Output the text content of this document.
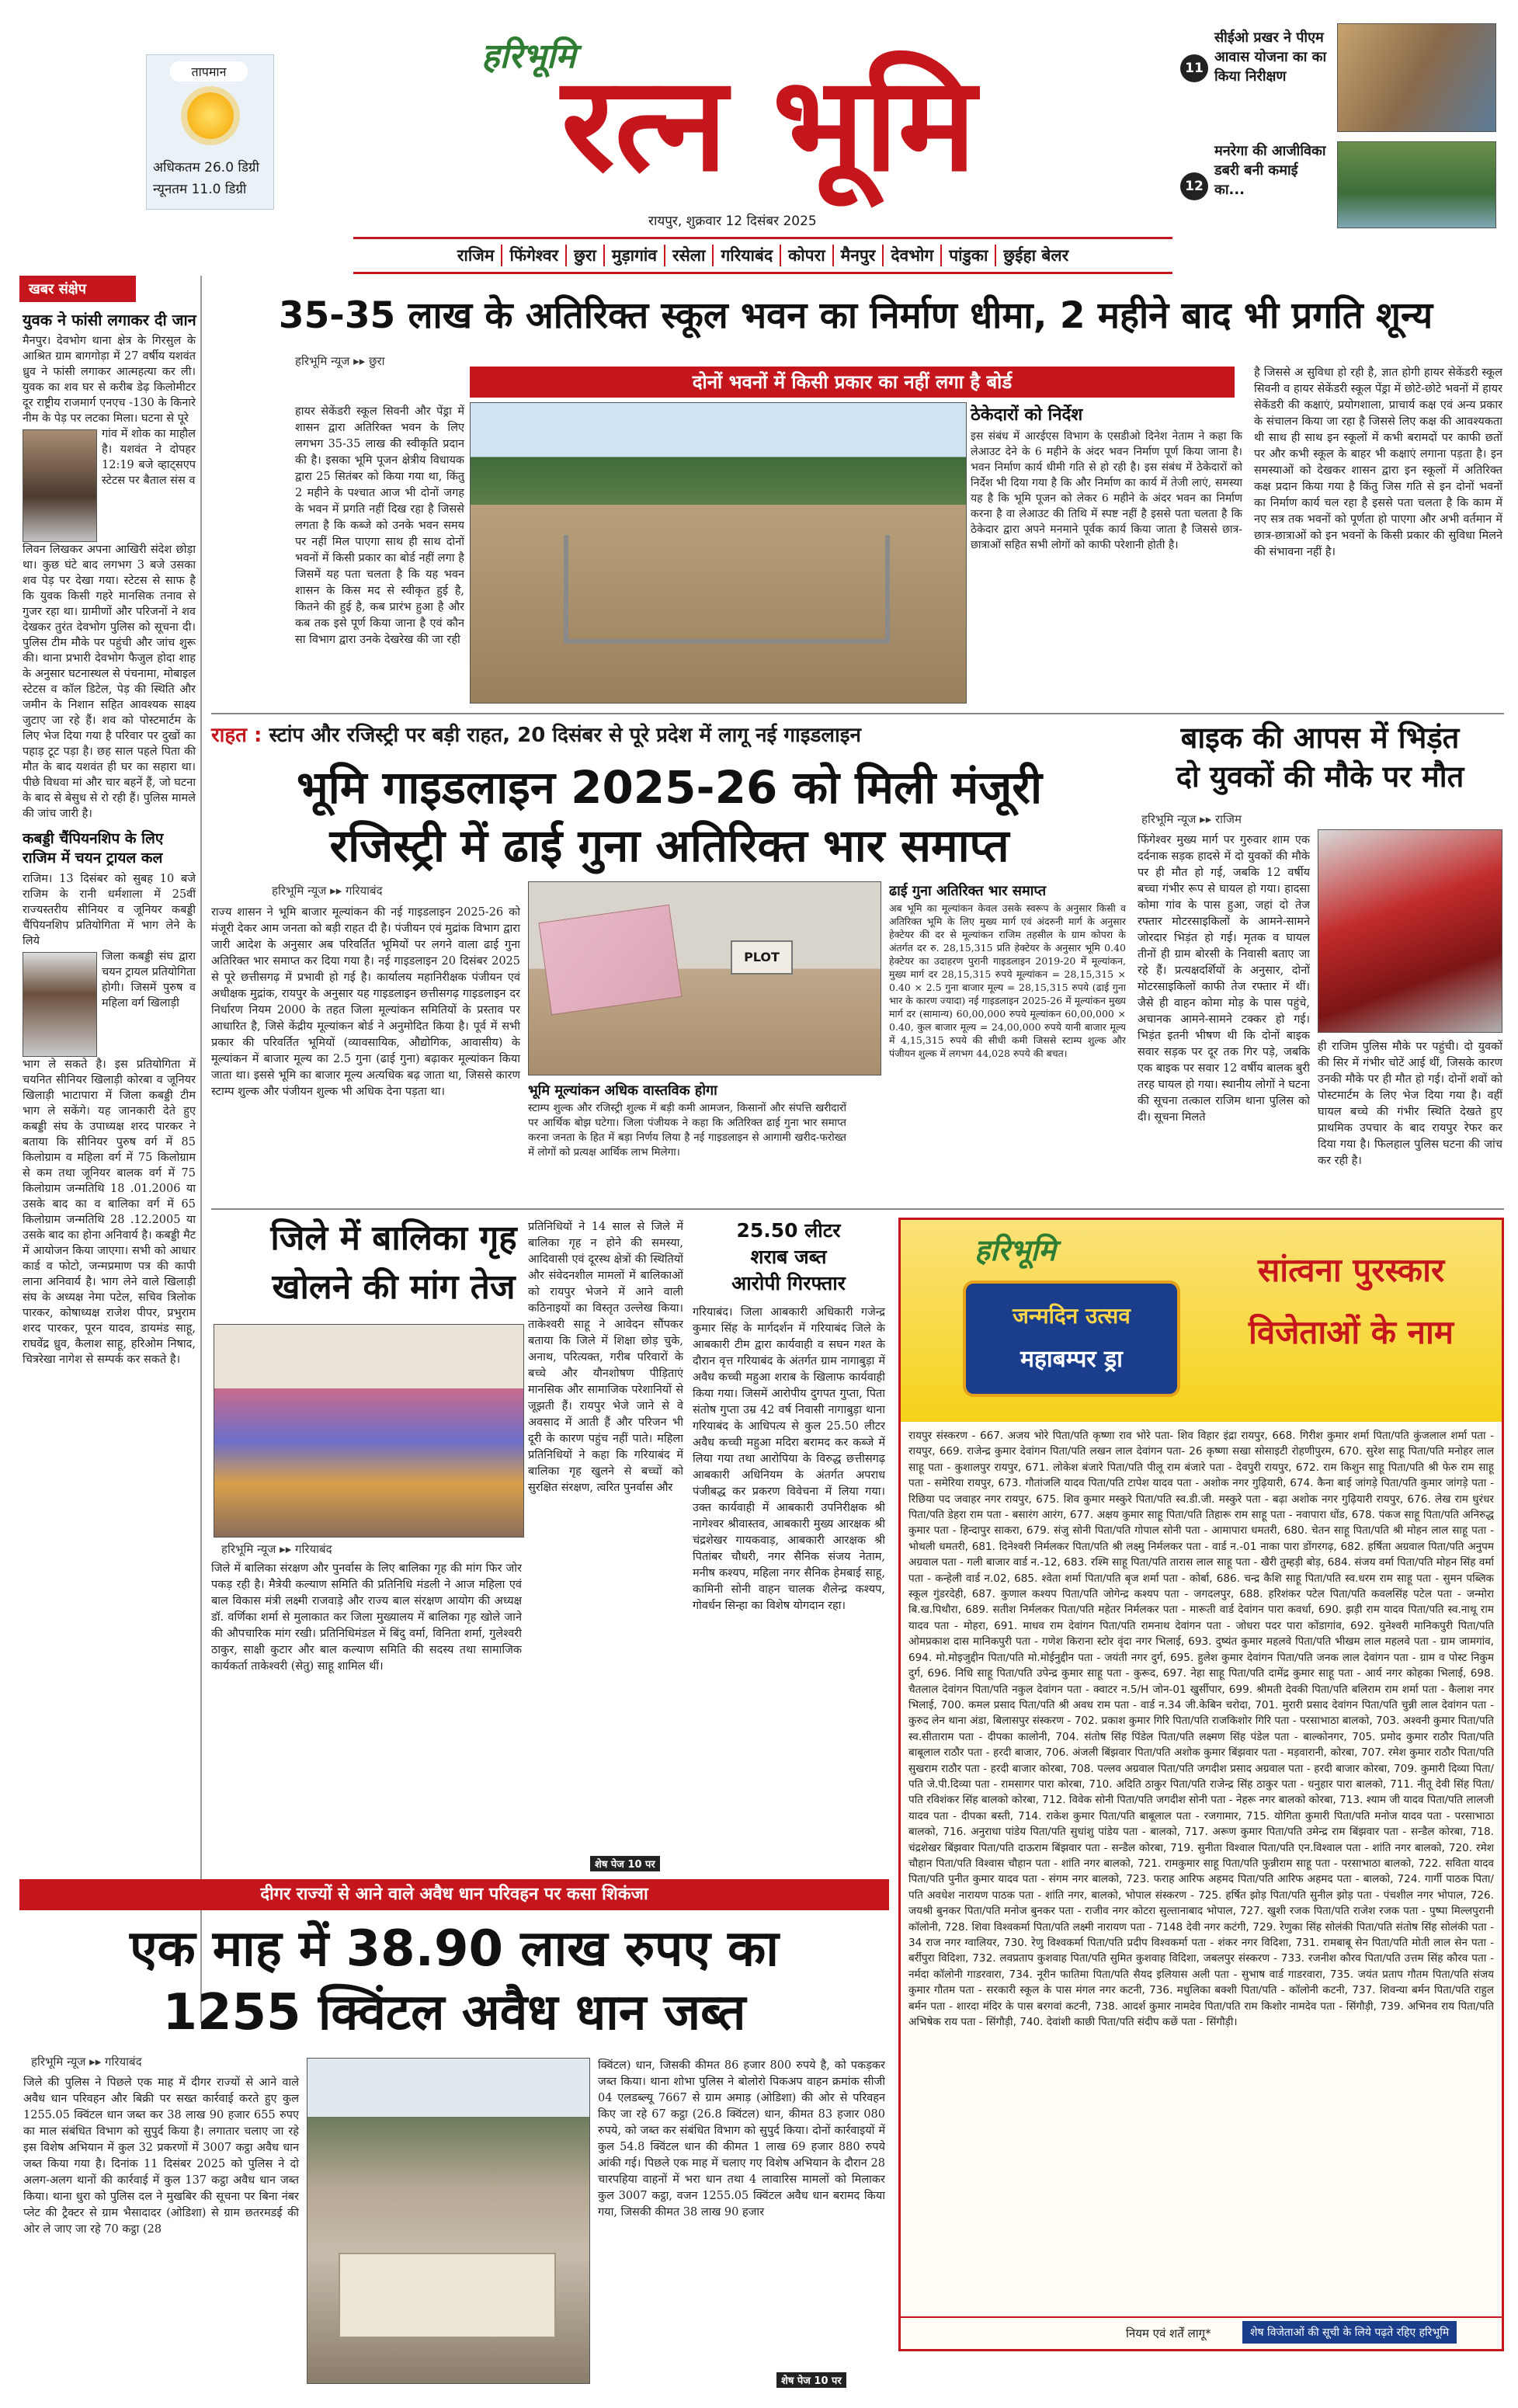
तापमान
अधिकतम 26.0 डिग्री
न्यूनतम 11.0 डिग्री
हरिभूमि
रत्न भूमि
रायपुर, शुक्रवार 12 दिसंबर 2025
11
सीईओ प्रखर ने पीएम आवास योजना का का किया निरीक्षण
12
मनरेगा की आजीविका डबरी बनी कमाई का...
राजिम फिंगेश्वर छुरा मुड़ागांव रसेला गरियाबंद कोपरा मैनपुर देवभोग पांडुका छुईहा बेलर
खबर संक्षेप
युवक ने फांसी लगाकर दी जान
मैनपुर। देवभोग थाना क्षेत्र के गिरसुल के आश्रित ग्राम बागगोड़ा में 27 वर्षीय यशवंत ध्रुव ने फांसी लगाकर आत्महत्या कर ली। युवक का शव घर से करीब डेढ़ किलोमीटर दूर राष्ट्रीय राजमार्ग एनएच -130 के किनारे नीम के पेड़ पर लटका मिला। घटना से पूरे
गांव में शोक का माहौल है। यशवंत ने दोपहर 12:19 बजे व्हाट्सएप स्टेटस पर बैताल संस व
लिवन लिखकर अपना आखिरी संदेश छोड़ा था। कुछ घंटे बाद लगभग 3 बजे उसका शव पेड़ पर देखा गया। स्टेटस से साफ है कि युवक किसी गहरे मानसिक तनाव से गुजर रहा था। ग्रामीणों और परिजनों ने शव देखकर तुरंत देवभोग पुलिस को सूचना दी। पुलिस टीम मौके पर पहुंची और जांच शुरू की। थाना प्रभारी देवभोग फैजुल होदा शाह के अनुसार घटनास्थल से पंचनामा, मोबाइल स्टेटस व कॉल डिटेल, पेड़ की स्थिति और जमीन के निशान सहित आवश्यक साक्ष्य जुटाए जा रहे हैं। शव को पोस्टमार्टम के लिए भेज दिया गया है परिवार पर दुखों का पहाड़ टूट पड़ा है। छह साल पहले पिता की मौत के बाद यशवंत ही घर का सहारा था। पीछे विधवा मां और चार बहनें हैं, जो घटना के बाद से बेसुध से रो रही हैं। पुलिस मामले की जांच जारी है।
कबड्डी चैंपियनशिप के लिए राजिम में चयन ट्रायल कल
राजिम। 13 दिसंबर को सुबह 10 बजे राजिम के रानी धर्मशाला में 25वीं राज्यस्तरीय सीनियर व जूनियर कबड्डी चैंपियनशिप प्रतियोगिता में भाग लेने के लिये
जिला कबड्डी संघ द्वारा चयन ट्रायल प्रतियोगिता होगी। जिसमें पुरुष व महिला वर्ग खिलाड़ी
भाग ले सकते है। इस प्रतियोगिता में चयनित सीनियर खिलाड़ी कोरबा व जूनियर खिलाड़ी भाटापारा में जिला कबड्डी टीम भाग ले सकेंगे। यह जानकारी देते हुए कबड्डी संघ के उपाध्यक्ष शरद पारकर ने बताया कि सीनियर पुरुष वर्ग में 85 किलोग्राम व महिला वर्ग में 75 किलोग्राम से कम तथा जूनियर बालक वर्ग में 75 किलोग्राम जन्मतिथि 18 .01.2006 या उसके बाद का व बालिका वर्ग में 65 किलोग्राम जन्मतिथि 28 .12.2005 या उसके बाद का होना अनिवार्य है। कबड्डी मैट में आयोजन किया जाएगा। सभी को आधार कार्ड व फोटो, जन्मप्रमाण पत्र की कापी लाना अनिवार्य है। भाग लेने वाले खिलाड़ी संघ के अध्यक्ष नेमा पटेल, सचिव त्रिलोक पारकर, कोषाध्यक्ष राजेश पीपर, प्रभुराम शरद पारकर, पूरन यादव, डायमंड साहू, राघवेंद्र ध्रुव, कैलाश साहू, हरिओम निषाद, चित्ररेखा नागेश से सम्पर्क कर सकते है।
35-35 लाख के अतिरिक्त स्कूल भवन का निर्माण धीमा, 2 महीने बाद भी प्रगति शून्य
हरिभूमि न्यूज ▸▸ छुरा
दोनों भवनों में किसी प्रकार का नहीं लगा है बोर्ड
हायर सेकेंडरी स्कूल सिवनी और पेंड्रा में शासन द्वारा अतिरिक्त भवन के लिए लगभग 35-35 लाख की स्वीकृति प्रदान की है। इसका भूमि पूजन क्षेत्रीय विधायक द्वारा 25 सितंबर को किया गया था, किंतु 2 महीने के पश्चात आज भी दोनों जगह के भवन में प्रगति नहीं दिख रहा है जिससे लगता है कि कब्जे को उनके भवन समय पर नहीं मिल पाएगा साथ ही साथ दोनों भवनों में किसी प्रकार का बोर्ड नहीं लगा है जिसमें यह पता चलता है कि यह भवन शासन के किस मद से स्वीकृत हुई है, कितने की हुई है, कब प्रारंभ हुआ है और कब तक इसे पूर्ण किया जाना है एवं कौन सा विभाग द्वारा उनके देखरेख की जा रही
ठेकेदारों को निर्देश
इस संबंध में आरईएस विभाग के एसडीओ दिनेश नेताम ने कहा कि लेआउट देने के 6 महीने के अंदर भवन निर्माण पूर्ण किया जाना है। भवन निर्माण कार्य धीमी गति से हो रही है। इस संबंध में ठेकेदारों को निर्देश भी दिया गया है कि और निर्माण का कार्य में तेजी लाएं, समस्या यह है कि भूमि पूजन को लेकर 6 महीने के अंदर भवन का निर्माण करना है वा लेआउट की तिथि में स्पष्ट नहीं है इससे पता चलता है कि ठेकेदार द्वारा अपने मनमाने पूर्वक कार्य किया जाता है जिससे छात्र-छात्राओं सहित सभी लोगों को काफी परेशानी होती है।
है जिससे अ सुविधा हो रही है, ज्ञात होगी हायर सेकेंडरी स्कूल सिवनी व हायर सेकेंडरी स्कूल पेंड्रा में छोटे-छोटे भवनों में हायर सेकेंडरी की कक्षाएं, प्रयोगशाला, प्राचार्य कक्ष एवं अन्य प्रकार के संचालन किया जा रहा है जिससे लिए कक्ष की आवश्यकता थी साथ ही साथ इन स्कूलों में कभी बरामदों पर काफी छतों पर और कभी स्कूल के बाहर भी कक्षाएं लगाना पड़ता है। इन समस्याओं को देखकर शासन द्वारा इन स्कूलों में अतिरिक्त कक्ष प्रदान किया गया है किंतु जिस गति से इन दोनों भवनों का निर्माण कार्य चल रहा है इससे पता चलता है कि काम में नए सत्र तक भवनों को पूर्णता हो पाएगा और अभी वर्तमान में छात्र-छात्राओं को इन भवनों के किसी प्रकार की सुविधा मिलने की संभावना नहीं है।
राहत : स्टांप और रजिस्ट्री पर बड़ी राहत, 20 दिसंबर से पूरे प्रदेश में लागू नई गाइडलाइन
भूमि गाइडलाइन 2025-26 को मिली मंजूरी
रजिस्ट्री में ढाई गुना अतिरिक्त भार समाप्त
हरिभूमि न्यूज ▸▸ गरियाबंद
राज्य शासन ने भूमि बाजार मूल्यांकन की नई गाइडलाइन 2025-26 को मंजूरी देकर आम जनता को बड़ी राहत दी है। पंजीयन एवं मुद्रांक विभाग द्वारा जारी आदेश के अनुसार अब परिवर्तित भूमियों पर लगने वाला ढाई गुना अतिरिक्त भार समाप्त कर दिया गया है। नई गाइडलाइन 20 दिसंबर 2025 से पूरे छत्तीसगढ़ में प्रभावी हो गई है। कार्यालय महानिरीक्षक पंजीयन एवं अधीक्षक मुद्रांक, रायपुर के अनुसार यह गाइडलाइन छत्तीसगढ़ गाइडलाइन दर निर्धारण नियम 2000 के तहत जिला मूल्यांकन समितियों के प्रस्ताव पर आधारित है, जिसे केंद्रीय मूल्यांकन बोर्ड ने अनुमोदित किया है। पूर्व में सभी प्रकार की परिवर्तित भूमियों (व्यावसायिक, औद्योगिक, आवासीय) के मूल्यांकन में बाजार मूल्य का 2.5 गुना (ढाई गुना) बढ़ाकर मूल्यांकन किया जाता था। इससे भूमि का बाजार मूल्य अत्यधिक बढ़ जाता था, जिससे कारण स्टाम्प शुल्क और पंजीयन शुल्क भी अधिक देना पड़ता था।
PLOT
ढाई गुना अतिरिक्त भार समाप्त
अब भूमि का मूल्यांकन केवल उसके स्वरूप के अनुसार किसी व अतिरिक्त भूमि के लिए मुख्य मार्ग एवं अंदरुनी मार्ग के अनुसार हेक्टेयर की दर से मूल्यांकन राजिम तहसील के ग्राम कोपरा के अंतर्गत दर रु. 28,15,315 प्रति हेक्टेयर के अनुसार भूमि 0.40 हेक्टेयर का उदाहरण पुरानी गाइडलाइन 2019-20 में मूल्यांकन, मुख्य मार्ग दर 28,15,315 रुपये मूल्यांकन = 28,15,315 × 0.40 × 2.5 गुना बाजार मूल्य = 28,15,315 रुपये (ढाई गुना भार के कारण ज्यादा) नई गाइडलाइन 2025-26 में मूल्यांकन मुख्य मार्ग दर (सामान्य) 60,00,000 रुपये मूल्यांकन 60,00,000 × 0.40, कुल बाजार मूल्य = 24,00,000 रुपये यानी बाजार मूल्य में 4,15,315 रुपये की सीधी कमी जिससे स्टाम्प शुल्क और पंजीयन शुल्क में लगभग 44,028 रुपये की बचत।
भूमि मूल्यांकन अधिक वास्तविक होगा
स्टाम्प शुल्क और रजिस्ट्री शुल्क में बड़ी कमी आमजन, किसानों और संपत्ति खरीदारों पर आर्थिक बोझ घटेगा। जिला पंजीयक ने कहा कि अतिरिक्त ढाई गुना भार समाप्त करना जनता के हित में बड़ा निर्णय लिया है नई गाइडलाइन से आगामी खरीद-फरोख्त में लोगों को प्रत्यक्ष आर्थिक लाभ मिलेगा।
बाइक की आपस में भिड़ंत
दो युवकों की मौके पर मौत
हरिभूमि न्यूज ▸▸ राजिम
फिंगेश्वर मुख्य मार्ग पर गुरुवार शाम एक दर्दनाक सड़क हादसे में दो युवकों की मौके पर ही मौत हो गई, जबकि 12 वर्षीय बच्चा गंभीर रूप से घायल हो गया। हादसा कोमा गांव के पास हुआ, जहां दो तेज रफ्तार मोटरसाइकिलों के आमने-सामने जोरदार भिड़ंत हो गई। मृतक व घायल तीनों ही ग्राम बोरसी के निवासी बताए जा रहे हैं। प्रत्यक्षदर्शियों के अनुसार, दोनों मोटरसाइकिलों काफी तेज रफ्तार में थीं। जैसे ही वाहन कोमा मोड़ के पास पहुंचे, अचानक आमने-सामने टक्कर हो गई। भिड़ंत इतनी भीषण थी कि दोनों बाइक सवार सड़क पर दूर तक गिर पड़े, जबकि एक बाइक पर सवार 12 वर्षीय बालक बुरी तरह घायल हो गया। स्थानीय लोगों ने घटना की सूचना तत्काल राजिम थाना पुलिस को दी। सूचना मिलते
ही राजिम पुलिस मौके पर पहुंची। दो युवकों की सिर में गंभीर चोटें आई थीं, जिसके कारण उनकी मौके पर ही मौत हो गई। दोनों शवों को पोस्टमार्टम के लिए भेज दिया गया है। वहीं घायल बच्चे की गंभीर स्थिति देखते हुए प्राथमिक उपचार के बाद रायपुर रेफर कर दिया गया है। फिलहाल पुलिस घटना की जांच कर रही है।
जिले में बालिका गृह
खोलने की मांग तेज
हरिभूमि न्यूज ▸▸ गरियाबंद
जिले में बालिका संरक्षण और पुनर्वास के लिए बालिका गृह की मांग फिर जोर पकड़ रही है। मैत्रेयी कल्याण समिति की प्रतिनिधि मंडली ने आज महिला एवं बाल विकास मंत्री लक्ष्मी राजवाड़े और राज्य बाल संरक्षण आयोग की अध्यक्ष डॉ. वर्णिका शर्मा से मुलाकात कर जिला मुख्यालय में बालिका गृह खोले जाने की औपचारिक मांग रखी। प्रतिनिधिमंडल में बिंदु वर्मा, विनिता शर्मा, गुलेश्वरी ठाकुर, साक्षी कुटार और बाल कल्याण समिति की सदस्य तथा सामाजिक कार्यकर्ता ताकेश्वरी (सेतु) साहू शामिल थीं।
प्रतिनिधियों ने 14 साल से जिले में बालिका गृह न होने की समस्या, आदिवासी एवं दूरस्थ क्षेत्रों की स्थितियों और संवेदनशील मामलों में बालिकाओं को रायपुर भेजने में आने वाली कठिनाइयों का विस्तृत उल्लेख किया। ताकेश्वरी साहू ने आवेदन सौंपकर बताया कि जिले में शिक्षा छोड़ चुके, अनाथ, परित्यक्त, गरीब परिवारों के बच्चे और यौनशोषण पीड़िताएं मानसिक और सामाजिक परेशानियों से जूझती हैं। रायपुर भेजे जाने से वे अवसाद में आती हैं और परिजन भी दूरी के कारण पहुंच नहीं पाते। महिला प्रतिनिधियों ने कहा कि गरियाबंद में बालिका गृह खुलने से बच्चों को सुरक्षित संरक्षण, त्वरित पुनर्वास और
शेष पेज 10 पर
25.50 लीटर
शराब जब्त
आरोपी गिरफ्तार
गरियाबंद। जिला आबकारी अधिकारी गजेन्द्र कुमार सिंह के मार्गदर्शन में गरियाबंद जिले के आबकारी टीम द्वारा कार्यवाही व सघन गश्त के दौरान वृत्त गरियाबंद के अंतर्गत ग्राम नागाबुड़ा में अवैध कच्ची महुआ शराब के खिलाफ कार्यवाही किया गया। जिसमें आरोपीय दुगपत गुप्ता, पिता संतोष गुप्ता उम्र 42 वर्ष निवासी नागाबुड़ा थाना गरियाबंद के आधिपत्य से कुल 25.50 लीटर अवैध कच्ची महुआ मदिरा बरामद कर कब्जे में लिया गया तथा आरोपिया के विरुद्ध छत्तीसगढ़ आबकारी अधिनियम के अंतर्गत अपराध पंजीबद्ध कर प्रकरण विवेचना में लिया गया। उक्त कार्यवाही में आबकारी उपनिरीक्षक श्री नागेश्वर श्रीवास्तव, आबकारी मुख्य आरक्षक श्री चंद्रशेखर गायकवाड़, आबकारी आरक्षक श्री पितांबर चौधरी, नगर सैनिक संजय नेताम, मनीष कश्यप, महिला नगर सैनिक हेमबाई साहू, कामिनी सोनी वाहन चालक शैलेन्द्र कश्यप, गोवर्धन सिन्हा का विशेष योगदान रहा।
हरिभूमि
जन्मदिन उत्सव
महाबम्पर ड्रा
सांत्वना पुरस्कार
विजेताओं के नाम
रायपुर संस्करण - 667. अजय भोरे पिता/पति कृष्णा राव भोरे पता- शिव विहार इंद्रा रायपुर, 668. गिरीश कुमार शर्मा पिता/पति कुंजलाल शर्मा पता - रायपुर, 669. राजेन्द्र कुमार देवांगन पिता/पति लखन लाल देवांगन पता- 26 कृष्णा सखा सोसाइटी रोहणीपुरम, 670. सुरेश साहू पिता/पति मनोहर लाल साहू पता - कुशालपुर रायपुर, 671. लोकेश बंजारे पिता/पति पीलू राम बंजारे पता - देवपुरी रायपुर, 672. राम किशुन साहू पिता/पति श्री फेरु राम साहू पता - समेरिया रायपुर, 673. गौतांजलि यादव पिता/पति टापेश यादव पता - अशोक नगर गुढ़ियारी, 674. कैना बाई जांगड़े पिता/पति कुमार जांगड़े पता - रिछिया पद जवाहर नगर रायपुर, 675. शिव कुमार मस्कुरे पिता/पति स्व.डी.जी. मस्कुरे पता - बढ़ा अशोक नगर गुढ़ियारी रायपुर, 676. लेख राम धुरंधर पिता/पति डेहरा राम पता - बसारंग आरंग, 677. अक्षय कुमार साहू पिता/पति तिहारू राम साहू पता - नवापारा धोंड, 678. पंकज साहू पिता/पति अनिरुद्ध कुमार पता - हिन्दापुर साकरा, 679. संजु सोनी पिता/पति गोपाल सोनी पता - आमापारा धमतरी, 680. चेतन साहू पिता/पति श्री मोहन लाल साहू पता - भोथली धमतरी, 681. दिनेश्वरी निर्मलकर पिता/पति श्री लक्ष्मु निर्मलकर पता - वार्ड न.-01 नाका पारा डोंगरगढ़, 682. हर्षिता अग्रवाल पिता/पति अनुपम अग्रवाल पता - गली बाजार वार्ड न.-12, 683. रश्मि साहू पिता/पति तारास लाल साहू पता - खैरी तुम्हड़ी बोड़, 684. संजय वर्मा पिता/पति मोहन सिंह वर्मा पता - कन्हेली वार्ड न.02, 685. श्वेता शर्मा पिता/पति बृज शर्मा पता - कोर्बा, 686. चन्द्र कैशि साहू पिता/पति स्व.धरम राम साहू पता - सुमन पब्लिक स्कूल गुंडरदेही, 687. कुणाल कश्यप पिता/पति जोगेन्द्र कश्यप पता - जगदलपुर, 688. हरिशंकर पटेल पिता/पति कवलसिंह पटेल पता - जन्मोरा बि.ख.पिथौरा, 689. सतीश निर्मलकर पिता/पति महेतर निर्मलकर पता - मारूती वार्ड देवांगन पारा कवर्धा, 690. झड़ी राम यादव पिता/पति स्व.नाथू राम यादव पता - मोहरा, 691. माधव राम देवांगन पिता/पति रामनाथ देवांगन पता - जोधरा पदर पारा कोंडागांव, 692. युनेश्वरी मानिकपुरी पिता/पति ओमप्रकाश दास मानिकपुरी पता - गणेश किराना स्टोर वृंदा नगर भिलाई, 693. दुष्यंत कुमार महलवे पिता/पति भीखम लाल महलवे पता - ग्राम जामगांव, 694. मो.मोइजुद्दीन पिता/पति मो.मोईनुद्दीन पता - जयंती नगर दुर्ग, 695. हुलेश कुमार देवांगन पिता/पति जनक लाल देवांगन पता - ग्राम व पोस्ट निकुम दुर्ग, 696. निधि साहू पिता/पति उपेन्द्र कुमार साहू पता - कुरूद, 697. नेहा साहू पिता/पति दामेंद्र कुमार साहू पता - आर्य नगर कोहका भिलाई, 698. चैतलाल देवांगन पिता/पति नकुल देवांगन पता - क्वाटर न.5/H जोन-01 खुर्सीपार, 699. श्रीमती देवकी पिता/पति बलिराम राम शर्मा पता - कैलाश नगर भिलाई, 700. कमल प्रसाद पिता/पति श्री अवध राम पता - वार्ड न.34 जी.केबिन चरोदा, 701. मुरारी प्रसाद देवांगन पिता/पति चुन्नी लाल देवांगन पता - कुरुद लेन थाना अंडा, बिलासपुर संस्करण - 702. प्रकाश कुमार गिरि पिता/पति राजकिशोर गिरि पता - परसाभाठा बालको, 703. अश्वनी कुमार पिता/पति स्व.सीताराम पता - दीपका कालोनी, 704. संतोष सिंह पिंडेल पिता/पति लक्ष्मण सिंह पंडेल पता - बाल्कोनगर, 705. प्रमोद कुमार राठौर पिता/पति बाबूलाल राठौर पता - हरदी बाजार, 706. अंजली बिंझवार पिता/पति अशोक कुमार बिंझवार पता - मड़वारानी, कोरबा, 707. रमेश कुमार राठौर पिता/पति सुखराम राठौर पता - हरदी बाजार कोरबा, 708. पल्लव अग्रवाल पिता/पति जगदीश प्रसाद अग्रवाल पता - हरदी बाजार कोरबा, 709. कुमारी दिव्या पिता/पति जे.पी.दिव्या पता - रामसागर पारा कोरबा, 710. अदिति ठाकुर पिता/पति राजेन्द्र सिंह ठाकुर पता - धनुहार पारा बालको, 711. नीतू देवी सिंह पिता/पति रविशंकर सिंह बालको कोरबा, 712. विवेक सोनी पिता/पति जगदीश सोनी पता - नेहरू नगर बालको कोरबा, 713. श्याम जी यादव पिता/पति लालजी यादव पता - दीपका बस्ती, 714. राकेश कुमार पिता/पति बाबूलाल पता - रजगामार, 715. योगिता कुमारी पिता/पति मनोज यादव पता - परसाभाठा बालको, 716. अनुराधा पांडेय पिता/पति सुधांशु पांडेय पता - बालको, 717. अरूण कुमार पिता/पति उमेन्द्र राम बिंझवार पता - सन्डैल कोरबा, 718. चंद्रशेखर बिंझवार पिता/पति दाऊराम बिंझवार पता - सन्डैल कोरबा, 719. सुनीता विश्वाल पिता/पति एन.विश्वाल पता - शांति नगर बालको, 720. रमेश चौहान पिता/पति विश्वास चौहान पता - शांति नगर बालको, 721. रामकुमार साहू पिता/पति फुन्नीराम साहू पता - परसाभाठा बालको, 722. सविता यादव पिता/पति पुनीत कुमार यादव पता - संगम नगर बालको, 723. फराह आरिफ अहमद पिता/पति आरिफ अहमद पता - बालको, 724. गार्गी पाठक पिता/पति अवधेश नारायण पाठक पता - शांति नगर, बालको, भोपाल संस्करण - 725. हर्षित झोड़ पिता/पति सुनील झोड़ पता - पंचशील नगर भोपाल, 726. जयश्री बुनकर पिता/पति मनोज बुनकर पता - राजीव नगर कोटरा सुल्तानाबाद भोपाल, 727. खुशी रजक पिता/पति राजेश रजक पता - पुष्पा मिल्लपुरानी कॉलोनी, 728. शिवा विश्वकर्मा पिता/पति लक्ष्मी नारायण पता - 7148 देवी नगर कटंगी, 729. रेणुका सिंह सोलंकी पिता/पति संतोष सिंह सोलंकी पता - 34 राज नगर ग्वालियर, 730. रेणु विश्वकर्मा पिता/पति प्रदीप विश्वकर्मा पता - शंकर नगर विदिशा, 731. रामबाबू सेन पिता/पति मोती लाल सेन पता - बर्रीपुरा विदिशा, 732. लवप्रताप कुशवाह पिता/पति सुमित कुशवाह विदिशा, जबलपुर संस्करण - 733. रजनीश कौरव पिता/पति उत्तम सिंह कौरव पता - नर्मदा कॉलोनी गाडरवारा, 734. नूरीन फातिमा पिता/पति सैयद इलियास अली पता - सुभाष वार्ड गाडरवारा, 735. जयंत प्रताप गौतम पिता/पति संजय कुमार गौतम पता - सरकारी स्कूल के पास मंगल नगर कटनी, 736. मधुलिका बक्शी पिता/पति - कॉलोनी कटनी, 737. शिवन्या बर्मन पिता/पति राहुल बर्मन पता - शारदा मंदिर के पास बरगवां कटनी, 738. आदर्श कुमार नामदेव पिता/पति राम किशोर नामदेव पता - सिंगौड़ी, 739. अभिनव राय पिता/पति अभिषेक राय पता - सिंगौड़ी, 740. देवांशी काछी पिता/पति संदीप कछें पता - सिंगौड़ी।
नियम एवं शर्तें लागू*	शेष विजेताओं की सूची के लिये पढ़ते रहिए हरिभूमि
दीगर राज्यों से आने वाले अवैध धान परिवहन पर कसा शिकंजा
एक माह में 38.90 लाख रुपए का
1255 क्विंटल अवैध धान जब्त
हरिभूमि न्यूज ▸▸ गरियाबंद
जिले की पुलिस ने पिछले एक माह में दीगर राज्यों से आने वाले अवैध धान परिवहन और बिक्री पर सख्त कार्रवाई करते हुए कुल 1255.05 क्विंटल धान जब्त कर 38 लाख 90 हजार 655 रुपए का माल संबंधित विभाग को सुपुर्द किया है। लगातार चलाए जा रहे इस विशेष अभियान में कुल 32 प्रकरणों में 3007 कट्ठा अवैध धान जब्त किया गया है। दिनांक 11 दिसंबर 2025 को पुलिस ने दो अलग-अलग थानों की कार्रवाई में कुल 137 कट्ठा अवैध धान जब्त किया। थाना धुरा को पुलिस दल ने मुखबिर की सूचना पर बिना नंबर प्लेट की ट्रैक्टर से ग्राम भैसादादर (ओडिशा) से ग्राम छतरमडई की ओर ले जाए जा रहे 70 कट्ठा (28
क्विंटल) धान, जिसकी कीमत 86 हजार 800 रुपये है, को पकड़कर जब्त किया। थाना शोभा पुलिस ने बोलोरो पिकअप वाहन क्रमांक सीजी 04 एलडब्ल्यू 7667 से ग्राम अमाड़ (ओडिशा) की ओर से परिवहन किए जा रहे 67 कट्ठा (26.8 क्विंटल) धान, कीमत 83 हजार 080 रुपये, को जब्त कर संबंधित विभाग को सुपुर्द किया। दोनों कार्रवाइयों में कुल 54.8 क्विंटल धान की कीमत 1 लाख 69 हजार 880 रुपये आंकी गई। पिछले एक माह में चलाए गए विशेष अभियान के दौरान 28 चारपहिया वाहनों में भरा धान तथा 4 लावारिस मामलों को मिलाकर कुल 3007 कट्ठा, वजन 1255.05 क्विंटल अवैध धान बरामद किया गया, जिसकी कीमत 38 लाख 90 हजार
शेष पेज 10 पर
